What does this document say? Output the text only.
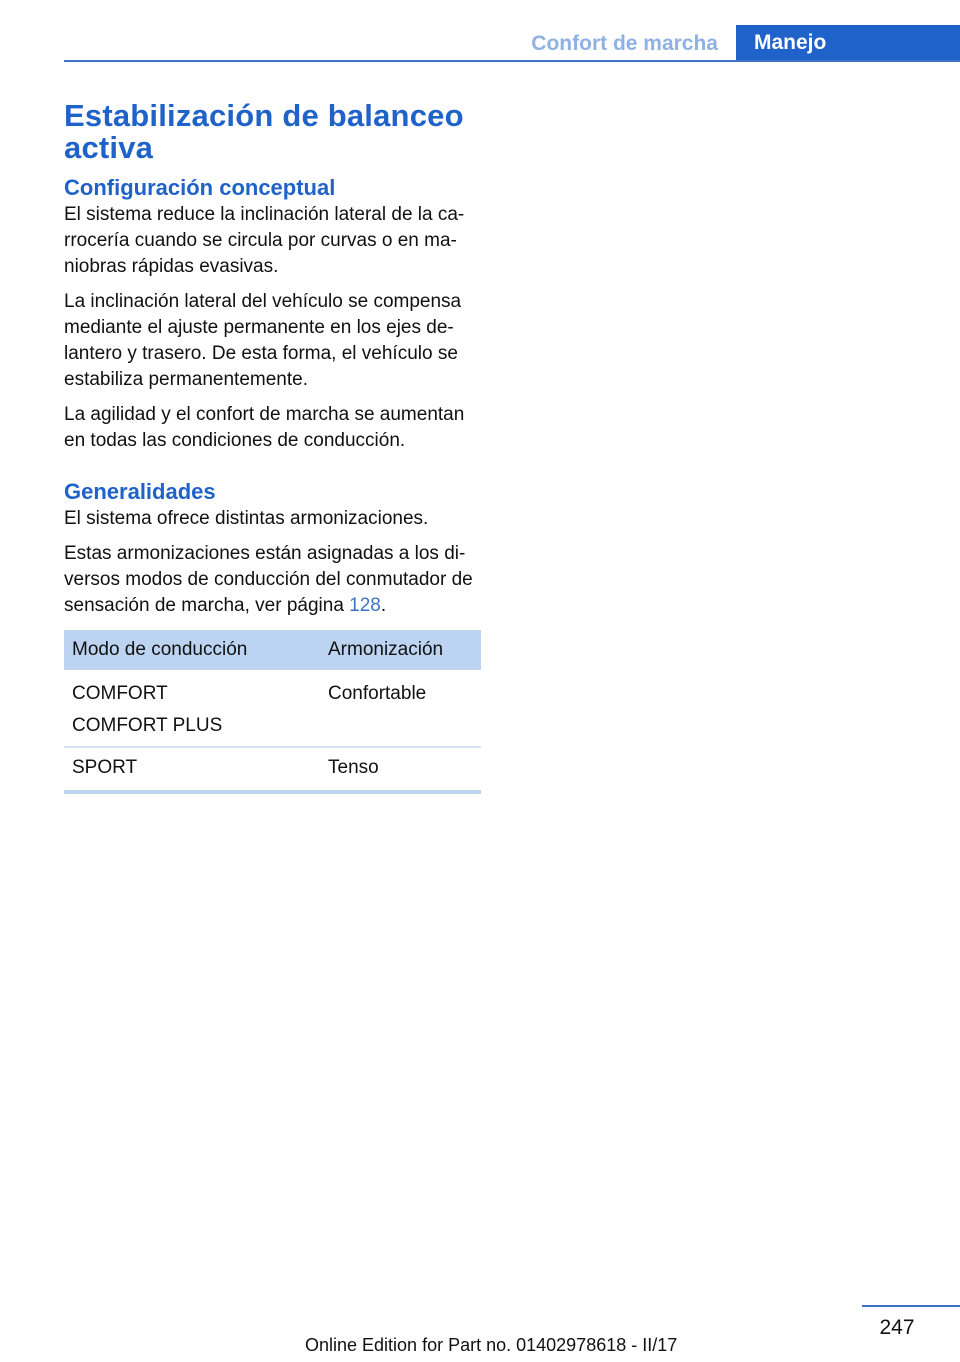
Confort de marcha	Manejo
Estabilización de balanceo activa
Configuración conceptual

El sistema reduce la inclinación lateral de la ca-rrocería cuando se circula por curvas o en ma-niobras rápidas evasivas.

La inclinación lateral del vehículo se compensa mediante el ajuste permanente en los ejes de-lantero y trasero. De esta forma, el vehículo se estabiliza permanentemente.

La agilidad y el confort de marcha se aumentan en todas las condiciones de conducción.

Generalidades

El sistema ofrece distintas armonizaciones.

Estas armonizaciones están asignadas a los di-versos modos de conducción del conmutador de sensación de marcha, ver página 128.

Modo de conducción	Armonización

COMFORT
COMFORT PLUS	Confortable

SPORT	Tenso
247
Online Edition for Part no. 01402978618 - II/17
